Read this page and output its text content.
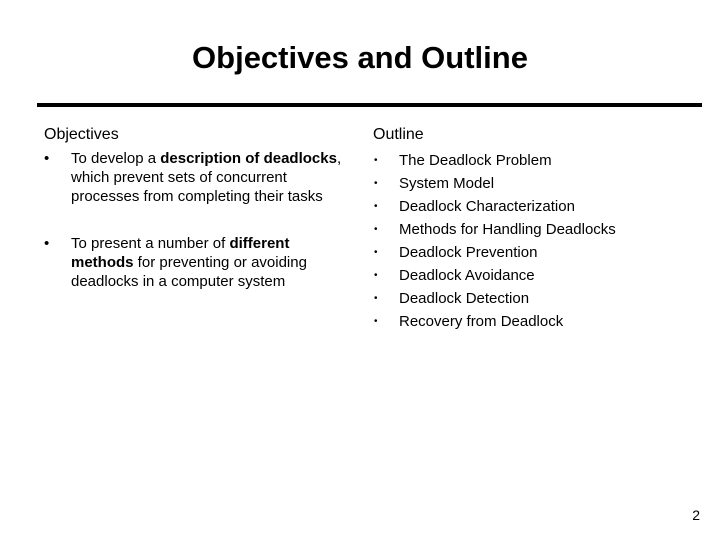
Objectives and Outline
Objectives
• To develop a description of deadlocks, which prevent sets of concurrent processes from completing their tasks
• To present a number of different methods for preventing or avoiding deadlocks in a computer system
Outline
• The Deadlock Problem
• System Model
• Deadlock Characterization
• Methods for Handling Deadlocks
• Deadlock Prevention
• Deadlock Avoidance
• Deadlock Detection
• Recovery from Deadlock
2
